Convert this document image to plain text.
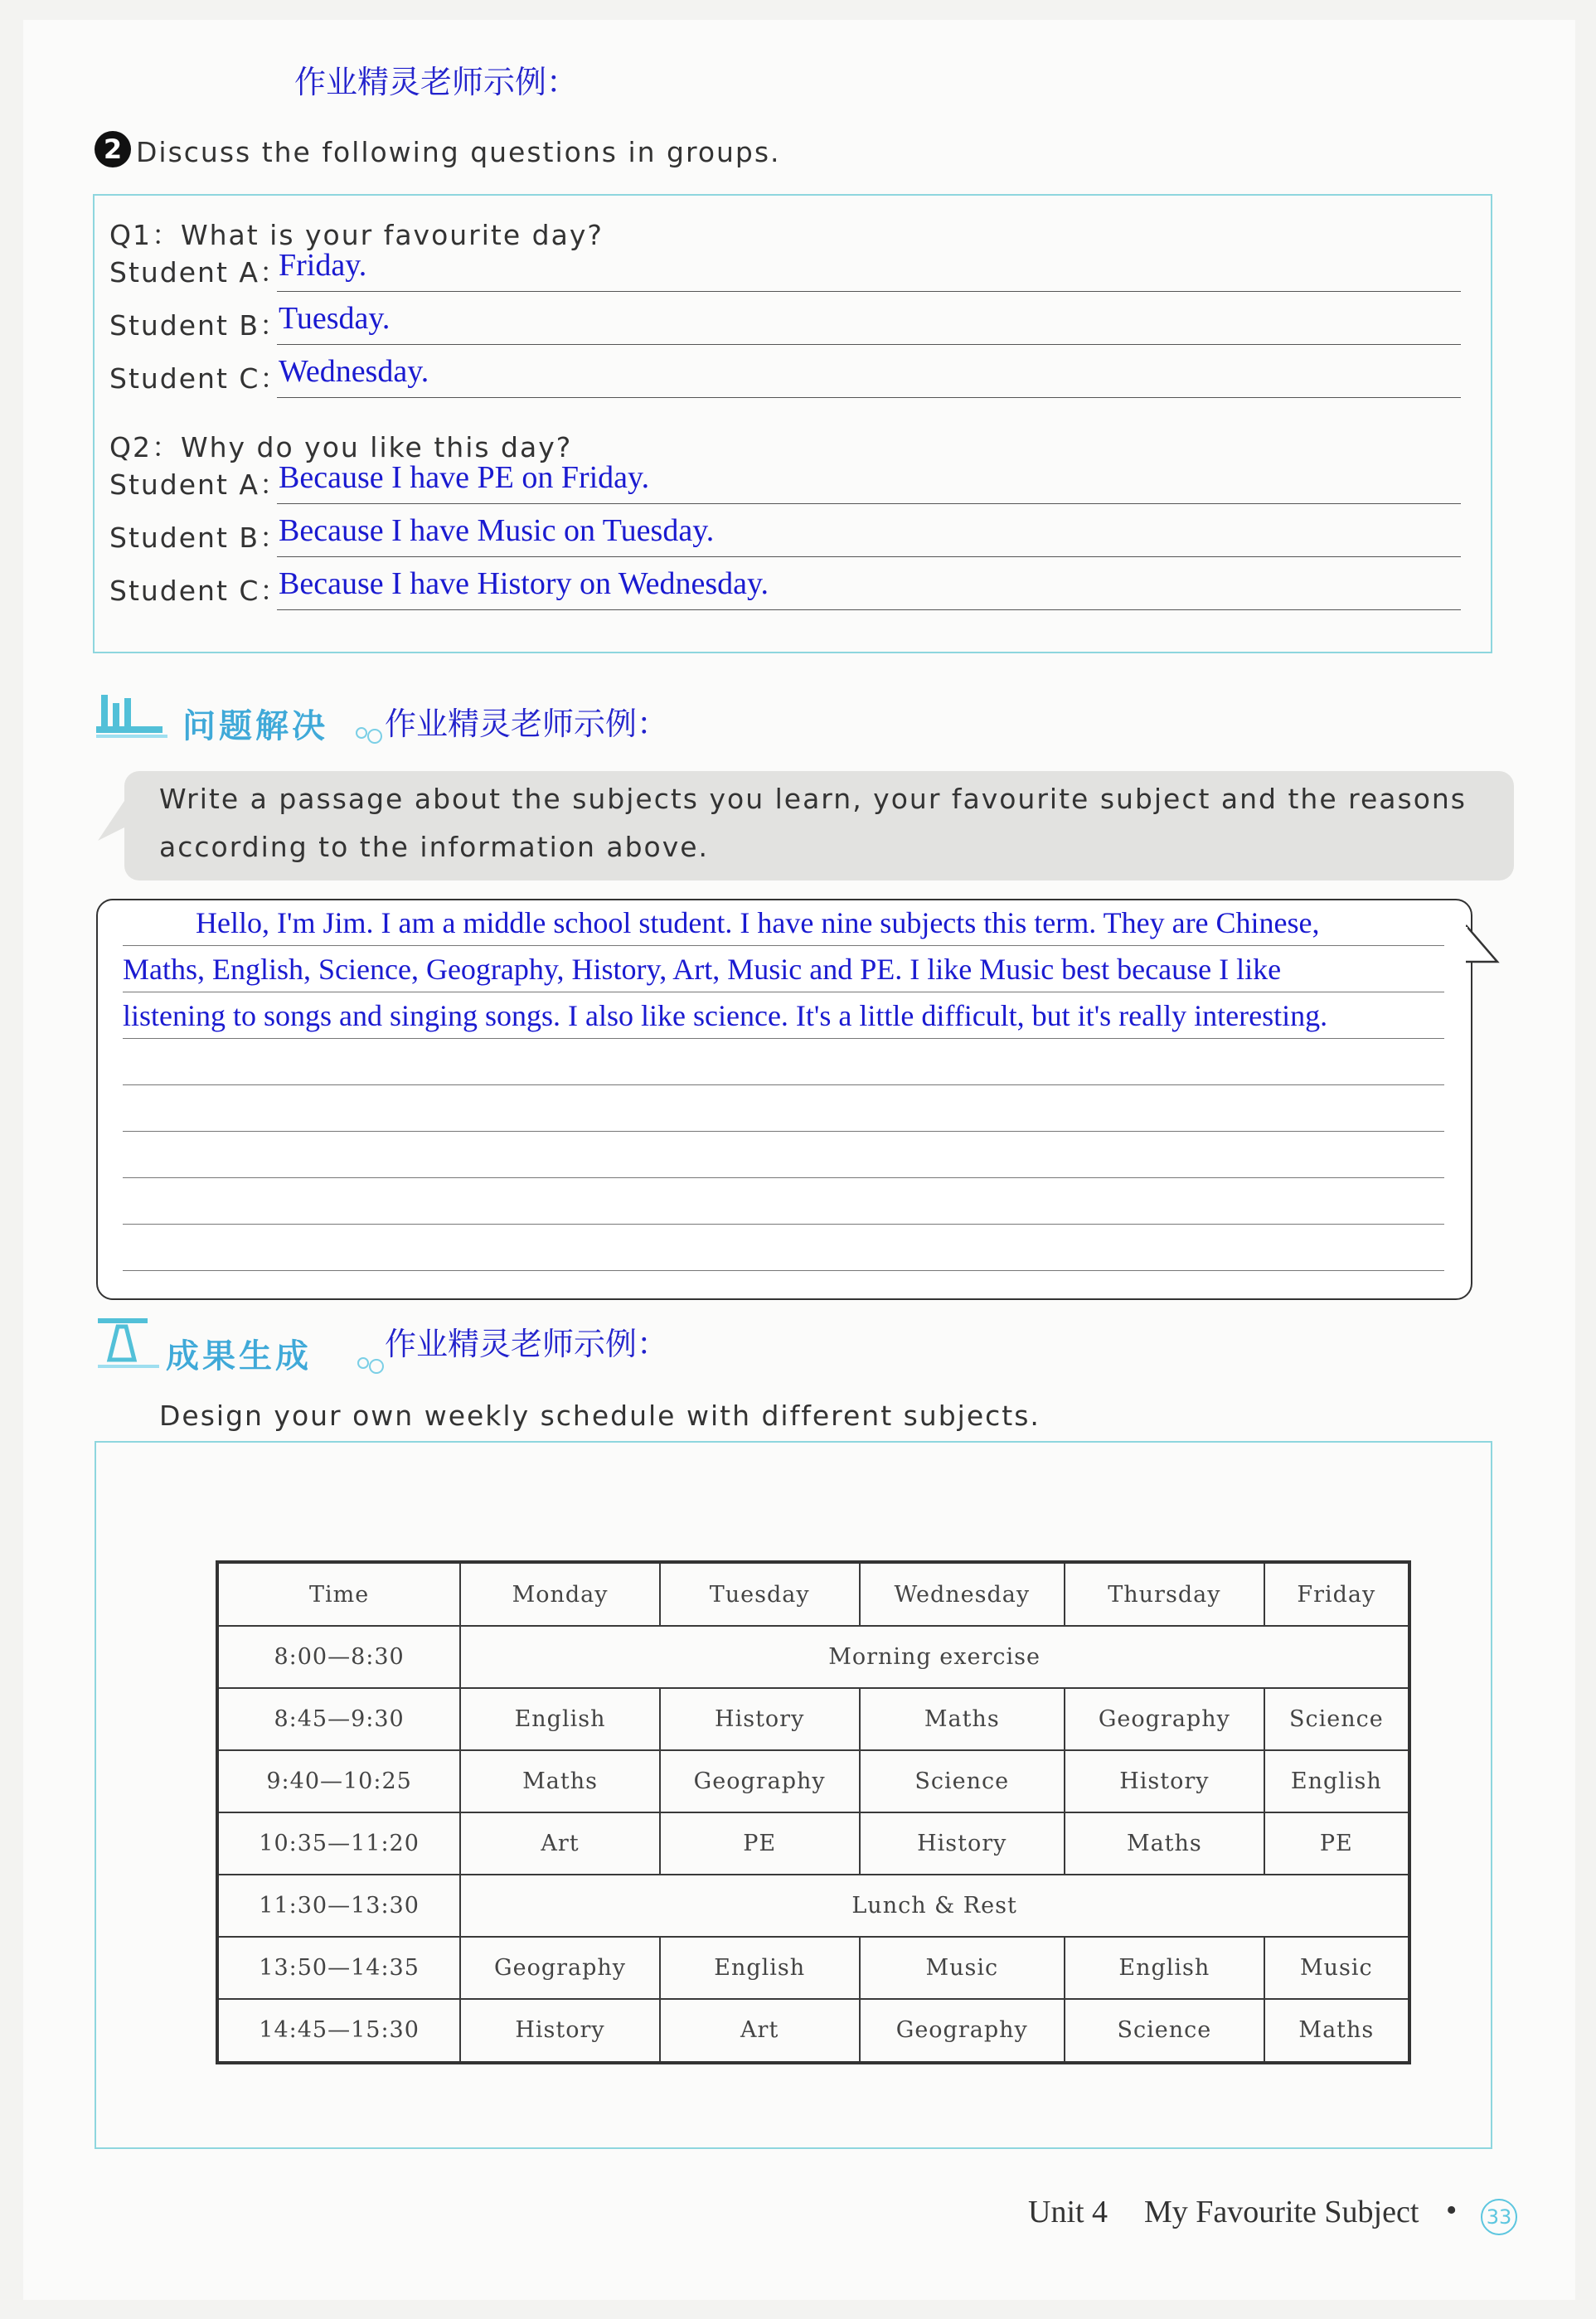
作业精灵老师示例：
2 Discuss the following questions in groups.
Q1：What is your favourite day?
Student A：
Friday.
Student B：
Tuesday.
Student C：
Wednesday.
Q2：Why do you like this day?
Student A：
Because I have PE on Friday.
Student B：
Because I have Music on Tuesday.
Student C：
Because I have History on Wednesday.
问题解决 作业精灵老师示例：
Write a passage about the subjects you learn, your favourite subject and the reasons
according to the information above.
Hello, I'm Jim. I am a middle school student. I have nine subjects this term. They are Chinese,
Maths, English, Science, Geography, History, Art, Music and PE. I like Music best because I like
listening to songs and singing songs. I also like science. It's a little difficult, but it's really interesting.
成果生成 作业精灵老师示例：
Design your own weekly schedule with different subjects.
Time	Monday	Tuesday	Wednesday	Thursday	Friday
8:00—8:30	Morning exercise				
8:45—9:30	English	History	Maths	Geography	Science
9:40—10:25	Maths	Geography	Science	History	English
10:35—11:20	Art	PE	History	Maths	PE
11:30—13:30	Lunch & Rest				
13:50—14:35	Geography	English	Music	English	Music
14:45—15:30	History	Art	Geography	Science	Maths
Unit 4 My Favourite Subject • 33
